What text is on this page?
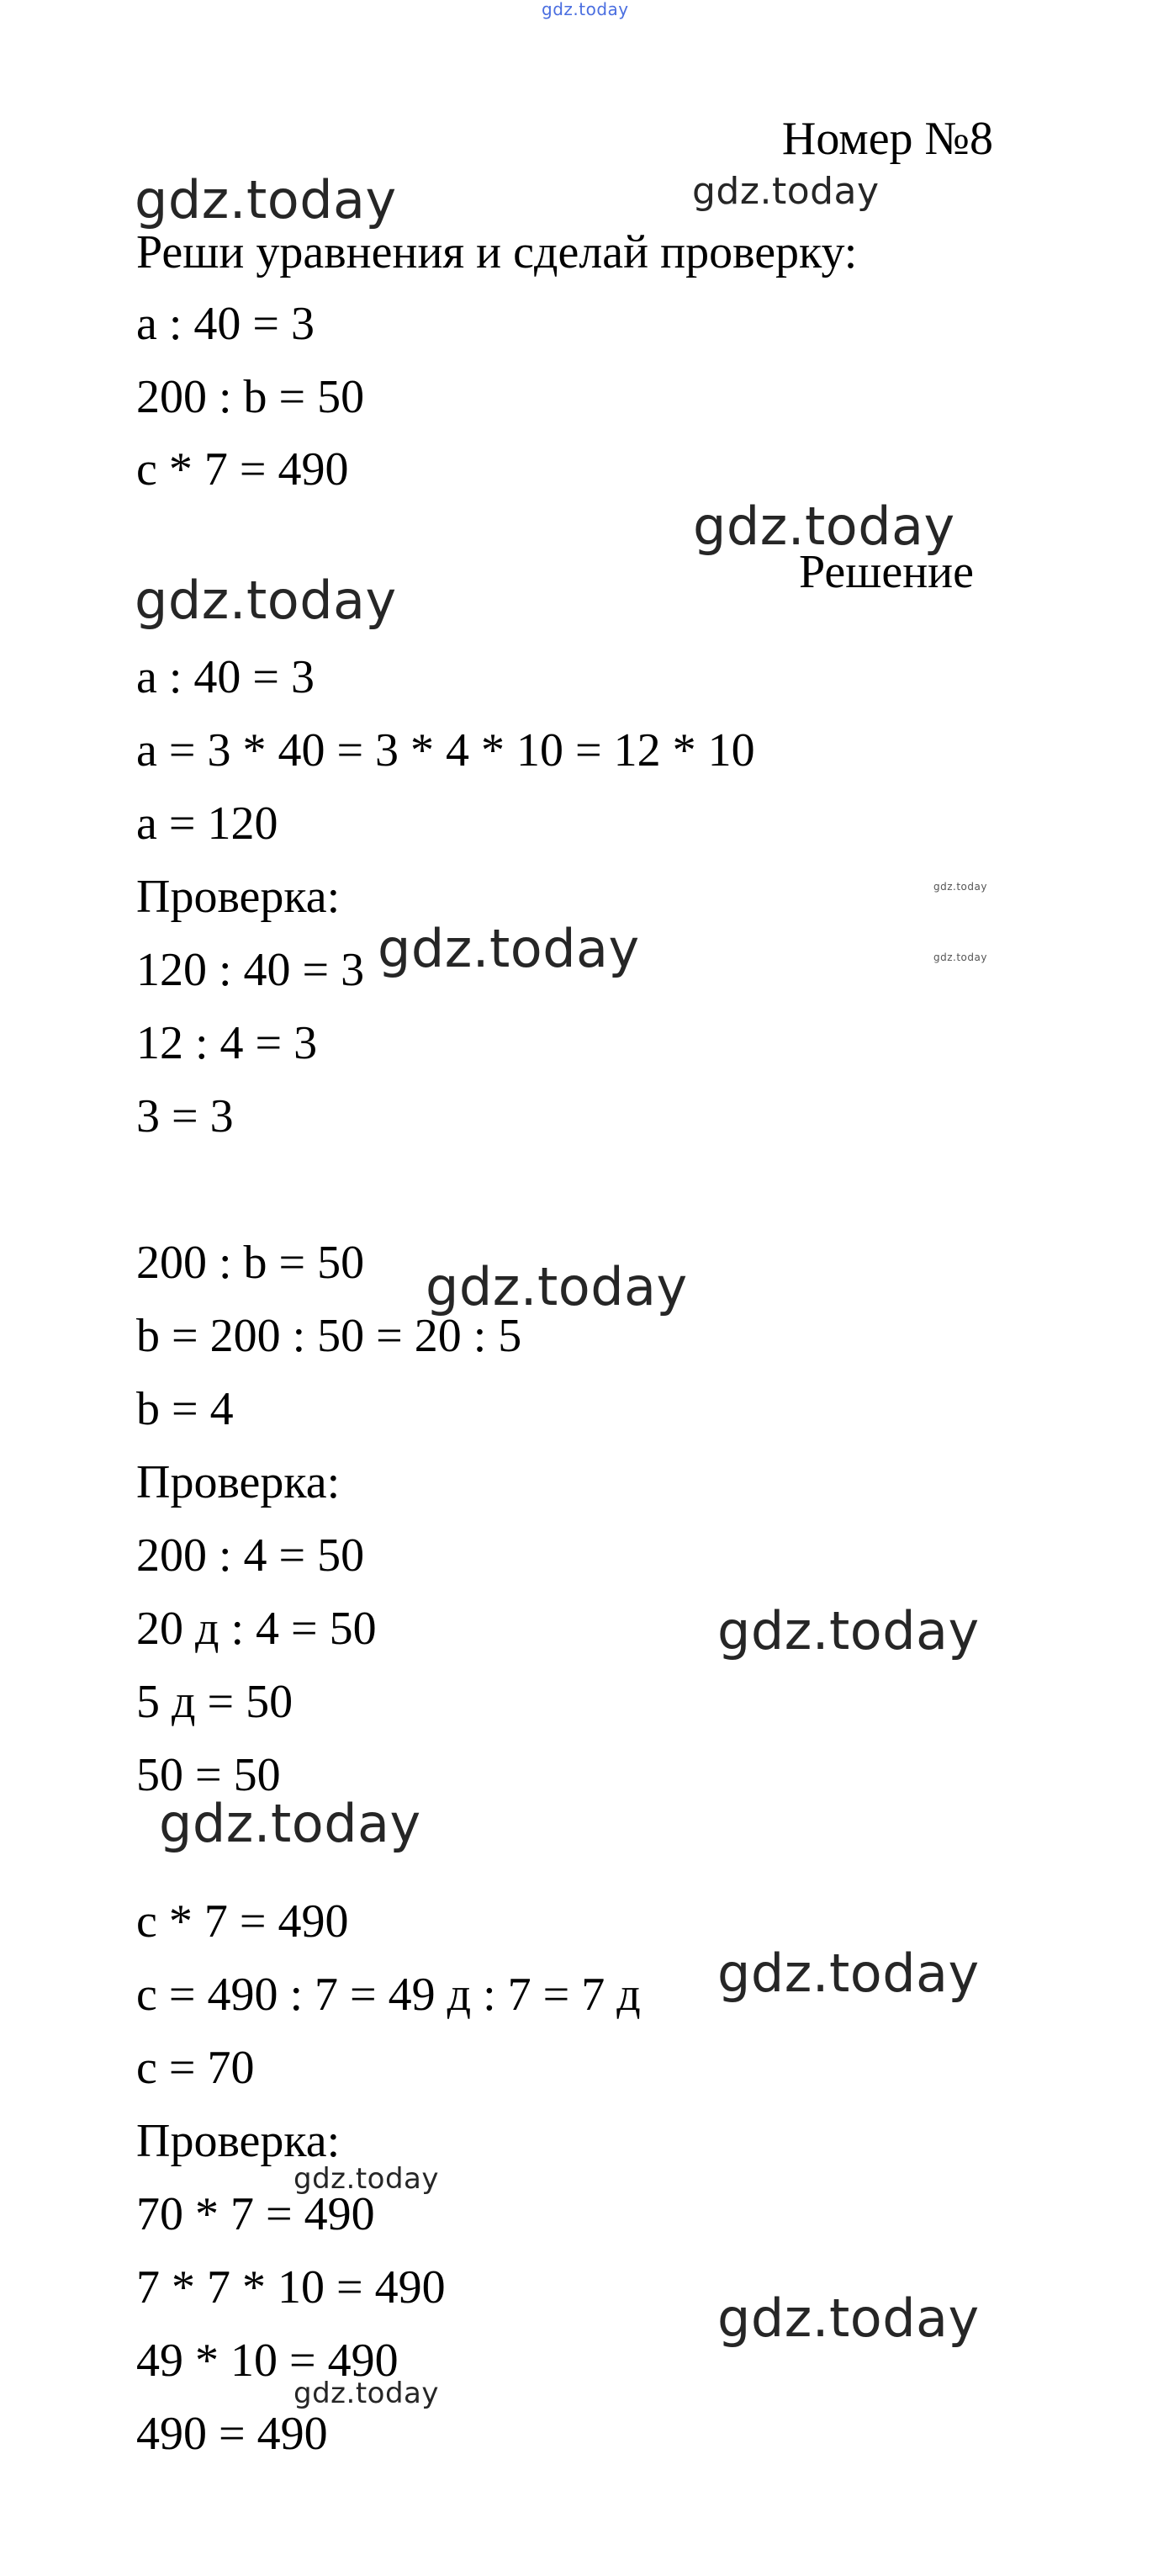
gdz.today
gdz.today	gdz.today
gdz.today
gdz.today
gdz.today
gdz.today	gdz.today
gdz.today
gdz.today
gdz.today
gdz.today
gdz.today
gdz.today
gdz.today
Номер №8
Реши уравнения и сделай проверку:
a : 40 = 3
200 : b = 50
c * 7 = 490
Решение
a : 40 = 3
a = 3 * 40 = 3 * 4 * 10 = 12 * 10
a = 120
Проверка:
120 : 40 = 3
12 : 4 = 3
3 = 3
200 : b = 50
b = 200 : 50 = 20 : 5
b = 4
Проверка:
200 : 4 = 50
20 д : 4 = 50
5 д = 50
50 = 50
c * 7 = 490
c = 490 : 7 = 49 д : 7 = 7 д
c = 70
Проверка:
70 * 7 = 490
7 * 7 * 10 = 490
49 * 10 = 490
490 = 490
